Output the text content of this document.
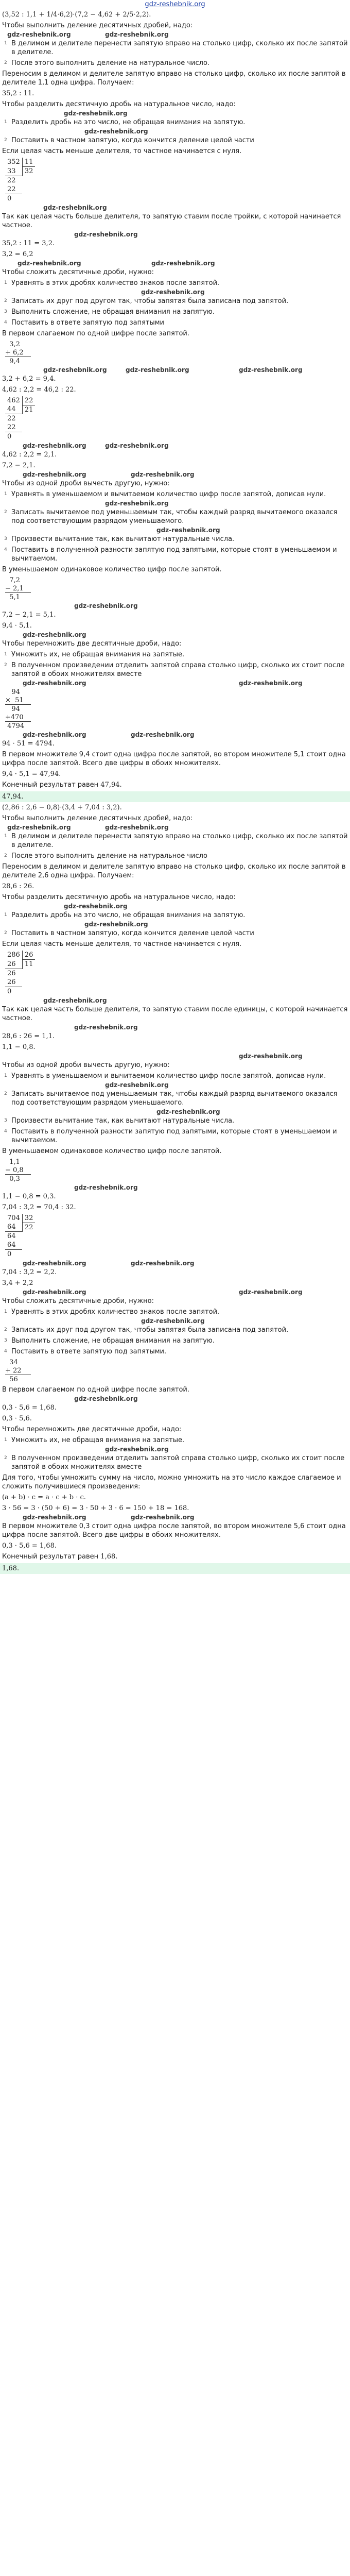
gdz-reshebnik.org
(3,52 : 1,1 + 1/4·6,2)·(7,2 − 4,62 + 2/5·2,2).
Чтобы выполнить деление десятичных дробей, надо:
gdz-reshebnik.org	gdz-reshebnik.org
1 В делимом и делителе перенести запятую вправо на столько цифр, сколько их после запятой в делителе.
2 После этого выполнить деление на натуральное число.
Переносим в делимом и делителе запятую вправо на столько цифр, сколько их после запятой в делителе 1,1 одна цифра. Получаем:
35,2 : 11.
Чтобы разделить десятичную дробь на натуральное число, надо:
gdz-reshebnik.org
1 Разделить дробь на это число, не обращая внимания на запятую.
gdz-reshebnik.org
2 Поставить в частном запятую, когда кончится деление целой части
Если целая часть меньше делителя, то частное начинается с нуля.
352	11
33	32
22	
22	
0	
gdz-reshebnik.org
Так как целая часть больше делителя, то запятую ставим после тройки, с которой начинается частное.
gdz-reshebnik.org
35,2 : 11 = 3,2.
3,2 = 6,2
gdz-reshebnik.org	gdz-reshebnik.org
Чтобы сложить десятичные дроби, нужно:
1 Уравнять в этих дробях количество знаков после запятой.
gdz-reshebnik.org
2 Записать их друг под другом так, чтобы запятая была записана под запятой.
3 Выполнить сложение, не обращая внимания на запятую.
4 Поставить в ответе запятую под запятыми
В первом слагаемом по одной цифре после запятой.
3,2
+ 6,2
9,4
gdz-reshebnik.org	gdz-reshebnik.org	gdz-reshebnik.org
3,2 + 6,2 = 9,4.
4,62 : 2,2 = 46,2 : 22.
462	22
44	21
22	
22	
0	
gdz-reshebnik.org	gdz-reshebnik.org
4,62 : 2,2 = 2,1.
7,2 − 2,1.
gdz-reshebnik.org	gdz-reshebnik.org
Чтобы из одной дроби вычесть другую, нужно:
1 Уравнять в уменьшаемом и вычитаемом количество цифр после запятой, дописав нули.
gdz-reshebnik.org
2 Записать вычитаемое под уменьшаемым так, чтобы каждый разряд вычитаемого оказался под соответствующим разрядом уменьшаемого.
gdz-reshebnik.org
3 Произвести вычитание так, как вычитают натуральные числа.
4 Поставить в полученной разности запятую под запятыми, которые стоят в уменьшаемом и вычитаемом.
В уменьшаемом одинаковое количество цифр после запятой.
7,2
− 2,1
5,1
gdz-reshebnik.org
7,2 − 2,1 = 5,1.
9,4 · 5,1.
gdz-reshebnik.org
Чтобы перемножить две десятичные дроби, надо:
1 Умножить их, не обращая внимания на запятые.
2 В полученном произведении отделить запятой справа столько цифр, сколько их стоит после запятой в обоих множителях вместе
gdz-reshebnik.org	gdz-reshebnik.org
94
×  51
94
+470
4794
gdz-reshebnik.org	gdz-reshebnik.org
94 · 51 = 4794.
В первом множителе 9,4 стоит одна цифра после запятой, во втором множителе 5,1 стоит одна цифра после запятой. Всего две цифры в обоих множителях.
9,4 · 5,1 = 47,94.
Конечный результат равен 47,94.
47,94.
(2,86 : 2,6 − 0,8)·(3,4 + 7,04 : 3,2).
Чтобы выполнить деление десятичных дробей, надо:
gdz-reshebnik.org	gdz-reshebnik.org
1 В делимом и делителе перенести запятую вправо на столько цифр, сколько их после запятой в делителе.
2 После этого выполнить деление на натуральное число
Переносим в делимом и делителе запятую вправо на столько цифр, сколько их после запятой в делителе 2,6 одна цифра. Получаем:
28,6 : 26.
Чтобы разделить десятичную дробь на натуральное число, надо:
gdz-reshebnik.org
1 Разделить дробь на это число, не обращая внимания на запятую.
gdz-reshebnik.org
2 Поставить в частном запятую, когда кончится деление целой части
Если целая часть меньше делителя, то частное начинается с нуля.
286	26
26	11
26	
26	
0	
gdz-reshebnik.org
Так как целая часть больше делителя, то запятую ставим после единицы, с которой начинается частное.
gdz-reshebnik.org
28,6 : 26 = 1,1.
1,1 − 0,8.
gdz-reshebnik.org
Чтобы из одной дроби вычесть другую, нужно:
1 Уравнять в уменьшаемом и вычитаемом количество цифр после запятой, дописав нули.
gdz-reshebnik.org
2 Записать вычитаемое под уменьшаемым так, чтобы каждый разряд вычитаемого оказался под соответствующим разрядом уменьшаемого.
gdz-reshebnik.org
3 Произвести вычитание так, как вычитают натуральные числа.
4 Поставить в полученной разности запятую под запятыми, которые стоят в уменьшаемом и вычитаемом.
В уменьшаемом одинаковое количество цифр после запятой.
1,1
− 0,8
0,3
gdz-reshebnik.org
1,1 − 0,8 = 0,3.
7,04 : 3,2 = 70,4 : 32.
704	32
64	22
64	
64	
0	
gdz-reshebnik.org	gdz-reshebnik.org
7,04 : 3,2 = 2,2.
3,4 + 2,2
gdz-reshebnik.org	gdz-reshebnik.org
Чтобы сложить десятичные дроби, нужно:
1 Уравнять в этих дробях количество знаков после запятой.
gdz-reshebnik.org
2 Записать их друг под другом так, чтобы запятая была записана под запятой.
3 Выполнить сложение, не обращая внимания на запятую.
4 Поставить в ответе запятую под запятыми.
34
+ 22
56
В первом слагаемом по одной цифре после запятой.
gdz-reshebnik.org
0,3 · 5,6 = 1,68.
0,3 · 5,6.
Чтобы перемножить две десятичные дроби, надо:
1 Умножить их, не обращая внимания на запятые.
gdz-reshebnik.org
2 В полученном произведении отделить запятой справа столько цифр, сколько их стоит после запятой в обоих множителях вместе
Для того, чтобы умножить сумму на число, можно умножить на это число каждое слагаемое и сложить получившиеся произведения:
(a + b) · c = a · c + b · c.
3 · 56 = 3 · (50 + 6) = 3 · 50 + 3 · 6 = 150 + 18 = 168.
gdz-reshebnik.org	gdz-reshebnik.org
В первом множителе 0,3 стоит одна цифра после запятой, во втором множителе 5,6 стоит одна цифра после запятой. Всего две цифры в обоих множителях.
0,3 · 5,6 = 1,68.
Конечный результат равен 1,68.
1,68.
